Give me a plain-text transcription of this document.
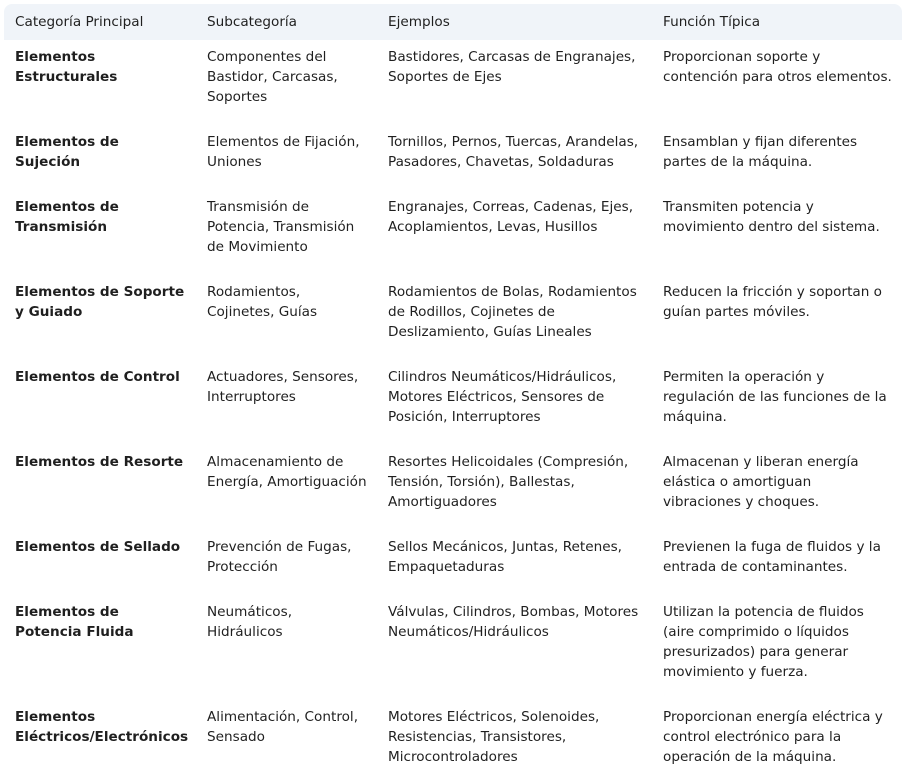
Categoría Principal	Subcategoría	Ejemplos	Función Típica
Elementos Estructurales	Componentes del Bastidor, Carcasas, Soportes	Bastidores, Carcasas de Engranajes, Soportes de Ejes	Proporcionan soporte y contención para otros elementos.
Elementos de Sujeción	Elementos de Fijación, Uniones	Tornillos, Pernos, Tuercas, Arandelas, Pasadores, Chavetas, Soldaduras	Ensamblan y fijan diferentes partes de la máquina.
Elementos de Transmisión	Transmisión de Potencia, Transmisión de Movimiento	Engranajes, Correas, Cadenas, Ejes, Acoplamientos, Levas, Husillos	Transmiten potencia y movimiento dentro del sistema.
Elementos de Soporte y Guiado	Rodamientos, Cojinetes, Guías	Rodamientos de Bolas, Rodamientos de Rodillos, Cojinetes de Deslizamiento, Guías Lineales	Reducen la fricción y soportan o guían partes móviles.
Elementos de Control	Actuadores, Sensores, Interruptores	Cilindros Neumáticos/Hidráulicos, Motores Eléctricos, Sensores de Posición, Interruptores	Permiten la operación y regulación de las funciones de la máquina.
Elementos de Resorte	Almacenamiento de Energía, Amortiguación	Resortes Helicoidales (Compresión, Tensión, Torsión), Ballestas, Amortiguadores	Almacenan y liberan energía elástica o amortiguan vibraciones y choques.
Elementos de Sellado	Prevención de Fugas, Protección	Sellos Mecánicos, Juntas, Retenes, Empaquetaduras	Previenen la fuga de fluidos y la entrada de contaminantes.
Elementos de Potencia Fluida	Neumáticos, Hidráulicos	Válvulas, Cilindros, Bombas, Motores Neumáticos/Hidráulicos	Utilizan la potencia de fluidos (aire comprimido o líquidos presurizados) para generar movimiento y fuerza.
Elementos Eléctricos/Electrónicos	Alimentación, Control, Sensado	Motores Eléctricos, Solenoides, Resistencias, Transistores, Microcontroladores	Proporcionan energía eléctrica y control electrónico para la operación de la máquina.
